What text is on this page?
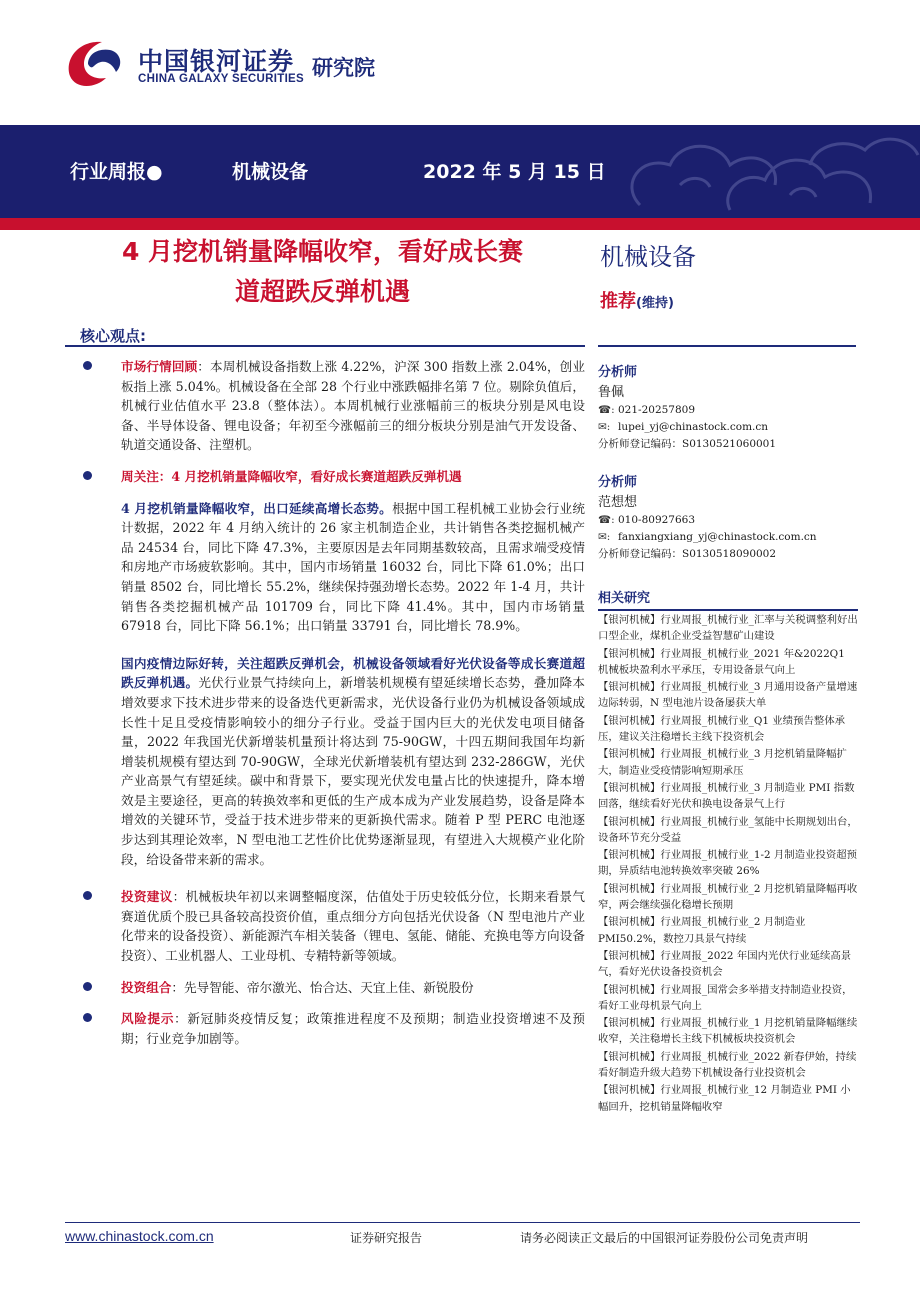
中国银河证券
CHINA GALAXY SECURITIES 研究院
行业周报●	机械设备	2022 年 5 月 15 日
4 月挖机销量降幅收窄，看好成长赛
道超跌反弹机遇
机械设备
推荐(维持)
核心观点:
市场行情回顾：本周机械设备指数上涨 4.22%，沪深 300 指数上涨 2.04%，创业板指上涨 5.04%。机械设备在全部 28 个行业中涨跌幅排名第 7 位。剔除负值后，机械行业估值水平 23.8（整体法）。本周机械行业涨幅前三的板块分别是风电设备、半导体设备、锂电设备；年初至今涨幅前三的细分板块分别是油气开发设备、轨道交通设备、注塑机。
周关注：4 月挖机销量降幅收窄，看好成长赛道超跌反弹机遇
4 月挖机销量降幅收窄，出口延续高增长态势。根据中国工程机械工业协会行业统计数据，2022 年 4 月纳入统计的 26 家主机制造企业，共计销售各类挖掘机械产品 24534 台，同比下降 47.3%，主要原因是去年同期基数较高，且需求端受疫情和房地产市场疲软影响。其中，国内市场销量 16032 台，同比下降 61.0%；出口销量 8502 台，同比增长 55.2%，继续保持强劲增长态势。2022 年 1-4 月，共计销售各类挖掘机械产品 101709 台，同比下降 41.4%。其中，国内市场销量 67918 台，同比下降 56.1%；出口销量 33791 台，同比增长 78.9%。
国内疫情边际好转，关注超跌反弹机会，机械设备领域看好光伏设备等成长赛道超跌反弹机遇。光伏行业景气持续向上，新增装机规模有望延续增长态势，叠加降本增效要求下技术进步带来的设备迭代更新需求，光伏设备行业仍为机械设备领域成长性十足且受疫情影响较小的细分子行业。受益于国内巨大的光伏发电项目储备量，2022 年我国光伏新增装机量预计将达到 75-90GW，十四五期间我国年均新增装机规模有望达到 70-90GW，全球光伏新增装机有望达到 232-286GW，光伏产业高景气有望延续。碳中和背景下，要实现光伏发电量占比的快速提升，降本增效是主要途径，更高的转换效率和更低的生产成本成为产业发展趋势，设备是降本增效的关键环节，受益于技术进步带来的更新换代需求。随着 P 型 PERC 电池逐步达到其理论效率，N 型电池工艺性价比优势逐渐显现，有望进入大规模产业化阶段，给设备带来新的需求。
投资建议：机械板块年初以来调整幅度深，估值处于历史较低分位，长期来看景气赛道优质个股已具备较高投资价值，重点细分方向包括光伏设备（N 型电池片产业化带来的设备投资）、新能源汽车相关装备（锂电、氢能、储能、充换电等方向设备投资）、工业机器人、工业母机、专精特新等领域。
投资组合：先导智能、帝尔激光、怡合达、天宜上佳、新锐股份
风险提示：新冠肺炎疫情反复；政策推进程度不及预期；制造业投资增速不及预期；行业竞争加剧等。
分析师
鲁佩
☎: 021-20257809
✉: lupei_yj@chinastock.com.cn
分析师登记编码：S0130521060001
分析师
范想想
☎: 010-80927663
✉: fanxiangxiang_yj@chinastock.com.cn
分析师登记编码：S0130518090002
相关研究
【银河机械】行业周报_机械行业_汇率与关税调整利好出口型企业，煤机企业受益智慧矿山建设
【银河机械】行业周报_机械行业_2021 年&2022Q1 机械板块盈利水平承压，专用设备景气向上
【银河机械】行业周报_机械行业_3 月通用设备产量增速边际转弱，N 型电池片设备屡获大单
【银河机械】行业周报_机械行业_Q1 业绩预告整体承压，建议关注稳增长主线下投资机会
【银河机械】行业周报_机械行业_3 月挖机销量降幅扩大，制造业受疫情影响短期承压
【银河机械】行业周报_机械行业_3 月制造业 PMI 指数回落，继续看好光伏和换电设备景气上行
【银河机械】行业周报_机械行业_氢能中长期规划出台，设备环节充分受益
【银河机械】行业周报_机械行业_1-2 月制造业投资超预期，异质结电池转换效率突破 26%
【银河机械】行业周报_机械行业_2 月挖机销量降幅再收窄，两会继续强化稳增长预期
【银河机械】行业周报_机械行业_2 月制造业 PMI50.2%，数控刀具景气持续
【银河机械】行业周报_2022 年国内光伏行业延续高景气，看好光伏设备投资机会
【银河机械】行业周报_国常会多举措支持制造业投资，看好工业母机景气向上
【银河机械】行业周报_机械行业_1 月挖机销量降幅继续收窄，关注稳增长主线下机械板块投资机会
【银河机械】行业周报_机械行业_2022 新春伊始，持续看好制造升级大趋势下机械设备行业投资机会
【银河机械】行业周报_机械行业_12 月制造业 PMI 小幅回升，挖机销量降幅收窄
www.chinastock.com.cn	证券研究报告	请务必阅读正文最后的中国银河证券股份公司免责声明
